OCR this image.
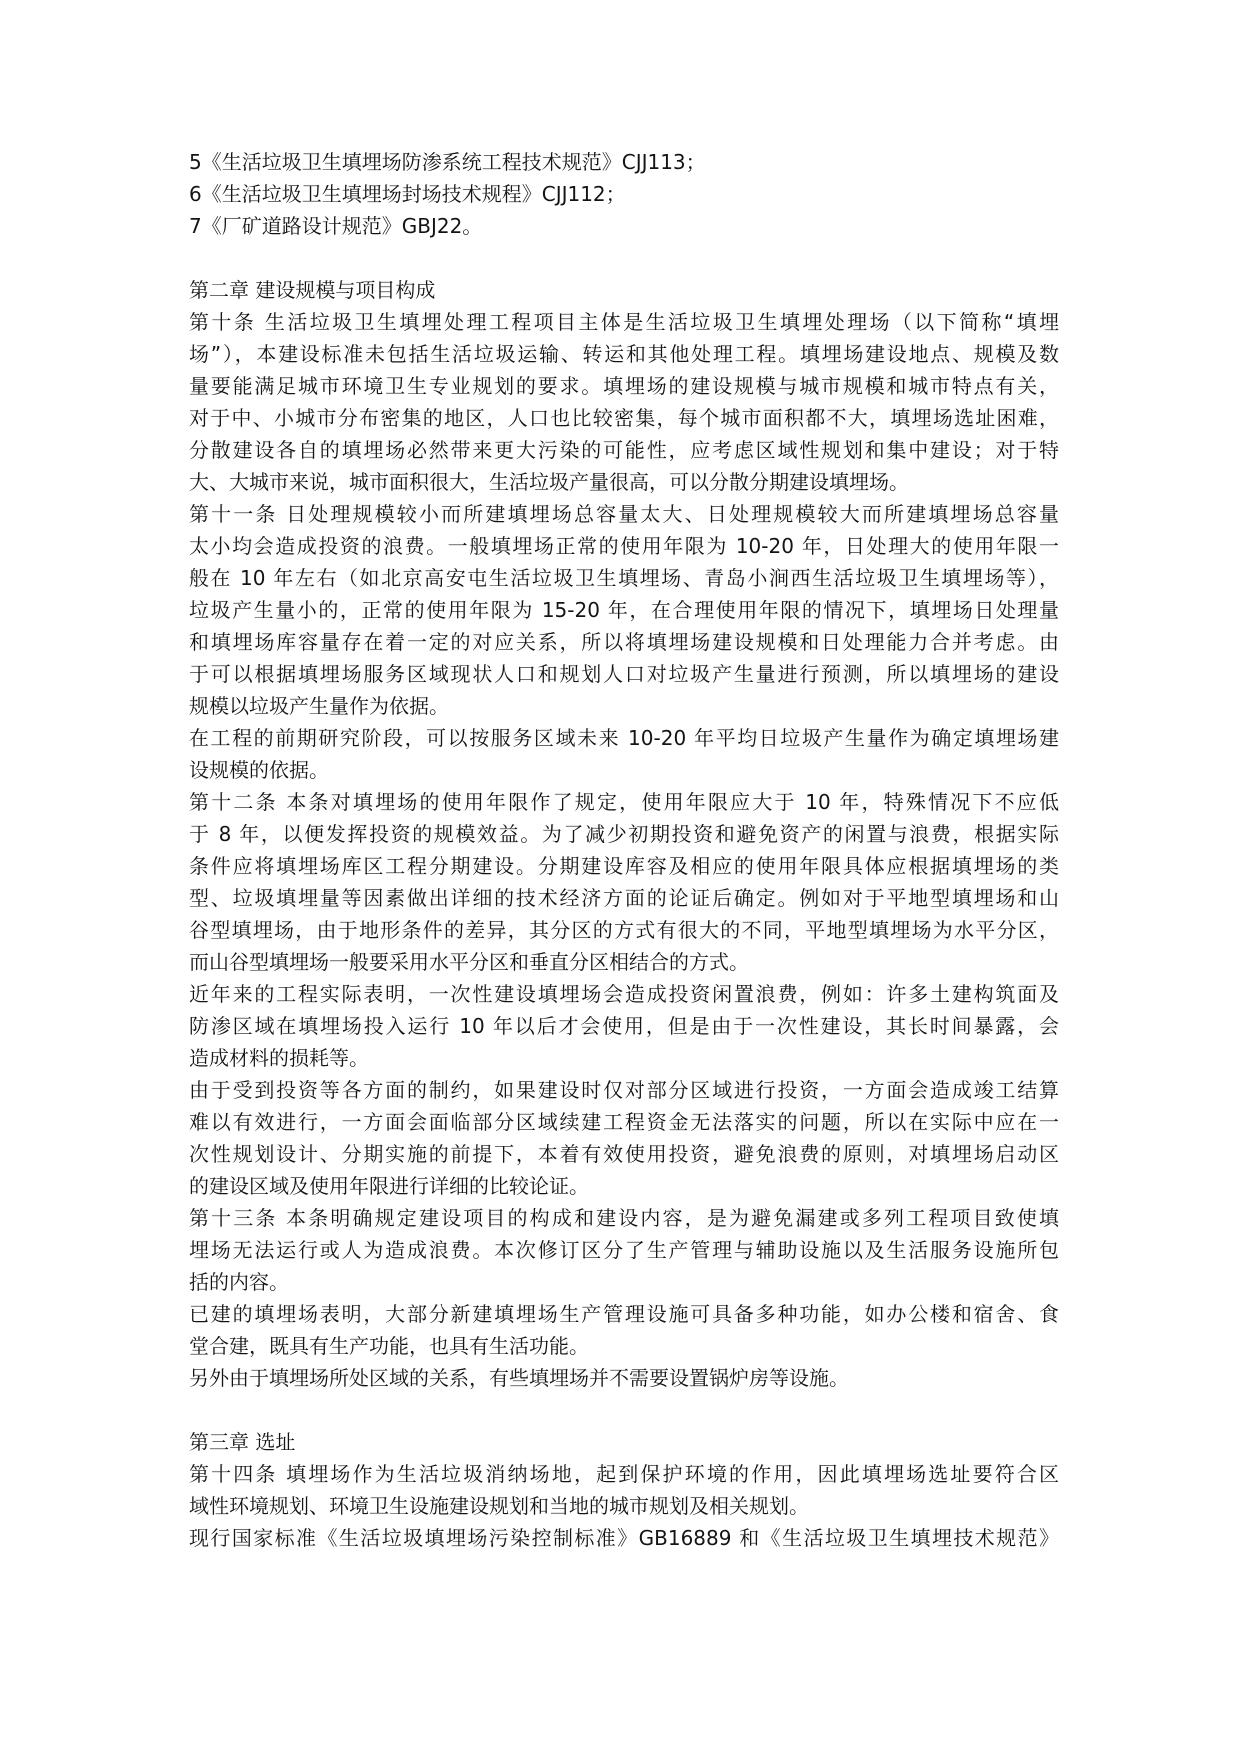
5《生活垃圾卫生填埋场防渗系统工程技术规范》CJJ113；
6《生活垃圾卫生填埋场封场技术规程》CJJ112；
7《厂矿道路设计规范》GBJ22。
第二章 建设规模与项目构成
第十条 生活垃圾卫生填埋处理工程项目主体是生活垃圾卫生填埋处理场（以下简称“填埋
场”），本建设标准未包括生活垃圾运输、转运和其他处理工程。填埋场建设地点、规模及数
量要能满足城市环境卫生专业规划的要求。填埋场的建设规模与城市规模和城市特点有关，
对于中、小城市分布密集的地区，人口也比较密集，每个城市面积都不大，填埋场选址困难，
分散建设各自的填埋场必然带来更大污染的可能性，应考虑区域性规划和集中建设；对于特
大、大城市来说，城市面积很大，生活垃圾产量很高，可以分散分期建设填埋场。
第十一条 日处理规模较小而所建填埋场总容量太大、日处理规模较大而所建填埋场总容量
太小均会造成投资的浪费。一般填埋场正常的使用年限为 10-20 年，日处理大的使用年限一
般在 10 年左右（如北京高安屯生活垃圾卫生填埋场、青岛小涧西生活垃圾卫生填埋场等），
垃圾产生量小的，正常的使用年限为 15-20 年，在合理使用年限的情况下，填埋场日处理量
和填埋场库容量存在着一定的对应关系，所以将填埋场建设规模和日处理能力合并考虑。由
于可以根据填埋场服务区域现状人口和规划人口对垃圾产生量进行预测，所以填埋场的建设
规模以垃圾产生量作为依据。
在工程的前期研究阶段，可以按服务区域未来 10-20 年平均日垃圾产生量作为确定填埋场建
设规模的依据。
第十二条 本条对填埋场的使用年限作了规定，使用年限应大于 10 年，特殊情况下不应低
于 8 年，以便发挥投资的规模效益。为了减少初期投资和避免资产的闲置与浪费，根据实际
条件应将填埋场库区工程分期建设。分期建设库容及相应的使用年限具体应根据填埋场的类
型、垃圾填埋量等因素做出详细的技术经济方面的论证后确定。例如对于平地型填埋场和山
谷型填埋场，由于地形条件的差异，其分区的方式有很大的不同，平地型填埋场为水平分区，
而山谷型填埋场一般要采用水平分区和垂直分区相结合的方式。
近年来的工程实际表明，一次性建设填埋场会造成投资闲置浪费，例如：许多土建构筑面及
防渗区域在填埋场投入运行 10 年以后才会使用，但是由于一次性建设，其长时间暴露，会
造成材料的损耗等。
由于受到投资等各方面的制约，如果建设时仅对部分区域进行投资，一方面会造成竣工结算
难以有效进行，一方面会面临部分区域续建工程资金无法落实的问题，所以在实际中应在一
次性规划设计、分期实施的前提下，本着有效使用投资，避免浪费的原则，对填埋场启动区
的建设区域及使用年限进行详细的比较论证。
第十三条 本条明确规定建设项目的构成和建设内容，是为避免漏建或多列工程项目致使填
埋场无法运行或人为造成浪费。本次修订区分了生产管理与辅助设施以及生活服务设施所包
括的内容。
已建的填埋场表明，大部分新建填埋场生产管理设施可具备多种功能，如办公楼和宿舍、食
堂合建，既具有生产功能，也具有生活功能。
另外由于填埋场所处区域的关系，有些填埋场并不需要设置锅炉房等设施。
第三章 选址
第十四条 填埋场作为生活垃圾消纳场地，起到保护环境的作用，因此填埋场选址要符合区
域性环境规划、环境卫生设施建设规划和当地的城市规划及相关规划。
现行国家标准《生活垃圾填埋场污染控制标准》GB16889 和《生活垃圾卫生填埋技术规范》
